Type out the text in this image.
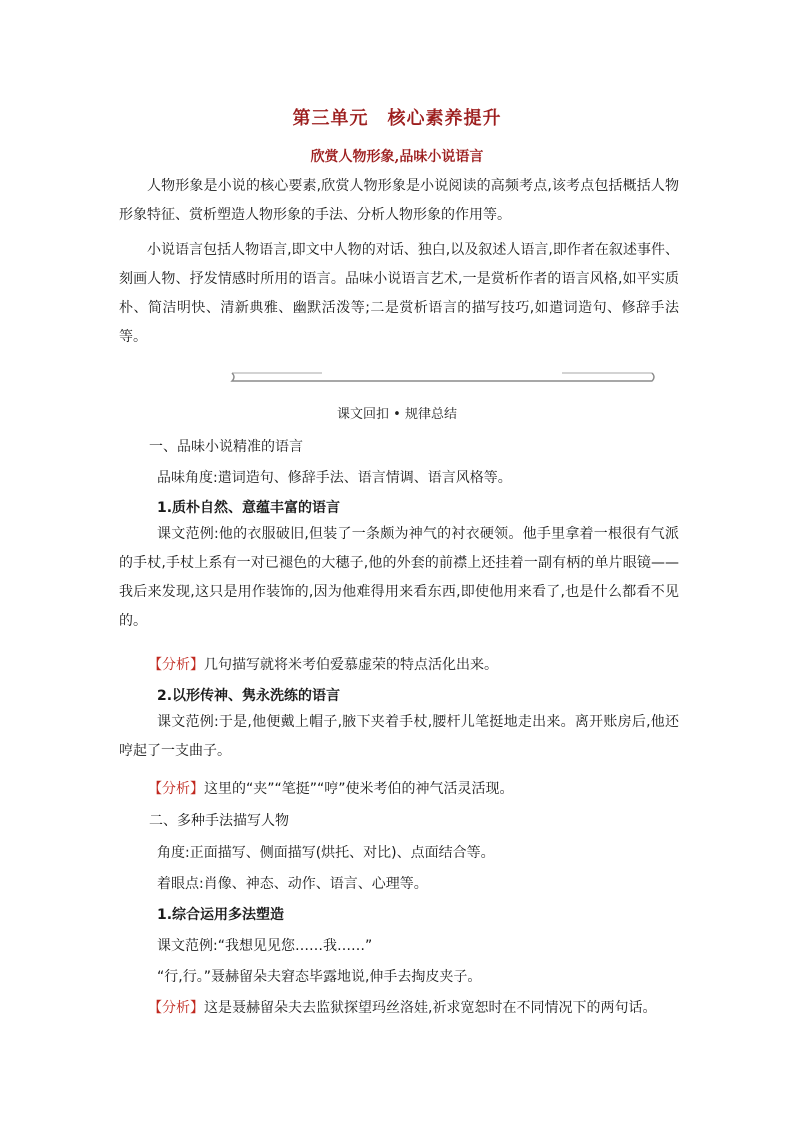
第三单元　核心素养提升
欣赏人物形象,品味小说语言

人物形象是小说的核心要素,欣赏人物形象是小说阅读的高频考点,该考点包括概括人物形象特征、赏析塑造人物形象的手法、分析人物形象的作用等。

小说语言包括人物语言,即文中人物的对话、独白,以及叙述人语言,即作者在叙述事件、刻画人物、抒发情感时所用的语言。品味小说语言艺术,一是赏析作者的语言风格,如平实质朴、简洁明快、清新典雅、幽默活泼等;二是赏析语言的描写技巧,如遣词造句、修辞手法等。

课文回扣 • 规律总结

一、品味小说精准的语言

品味角度:遣词造句、修辞手法、语言情调、语言风格等。

1.质朴自然、意蕴丰富的语言

课文范例:他的衣服破旧,但装了一条颇为神气的衬衣硬领。他手里拿着一根很有气派的手杖,手杖上系有一对已褪色的大穗子,他的外套的前襟上还挂着一副有柄的单片眼镜——我后来发现,这只是用作装饰的,因为他难得用来看东西,即使他用来看了,也是什么都看不见的。

【分析】几句描写就将米考伯爱慕虚荣的特点活化出来。

2.以形传神、隽永洗练的语言

课文范例:于是,他便戴上帽子,腋下夹着手杖,腰杆儿笔挺地走出来。离开账房后,他还哼起了一支曲子。

【分析】这里的“夹”“笔挺”“哼”使米考伯的神气活灵活现。

二、多种手法描写人物

角度:正面描写、侧面描写(烘托、对比)、点面结合等。

着眼点:肖像、神态、动作、语言、心理等。

1.综合运用多法塑造

课文范例:“我想见见您……我……”

“行,行。”聂赫留朵夫窘态毕露地说,伸手去掏皮夹子。

【分析】这是聂赫留朵夫去监狱探望玛丝洛娃,祈求宽恕时在不同情况下的两句话。
